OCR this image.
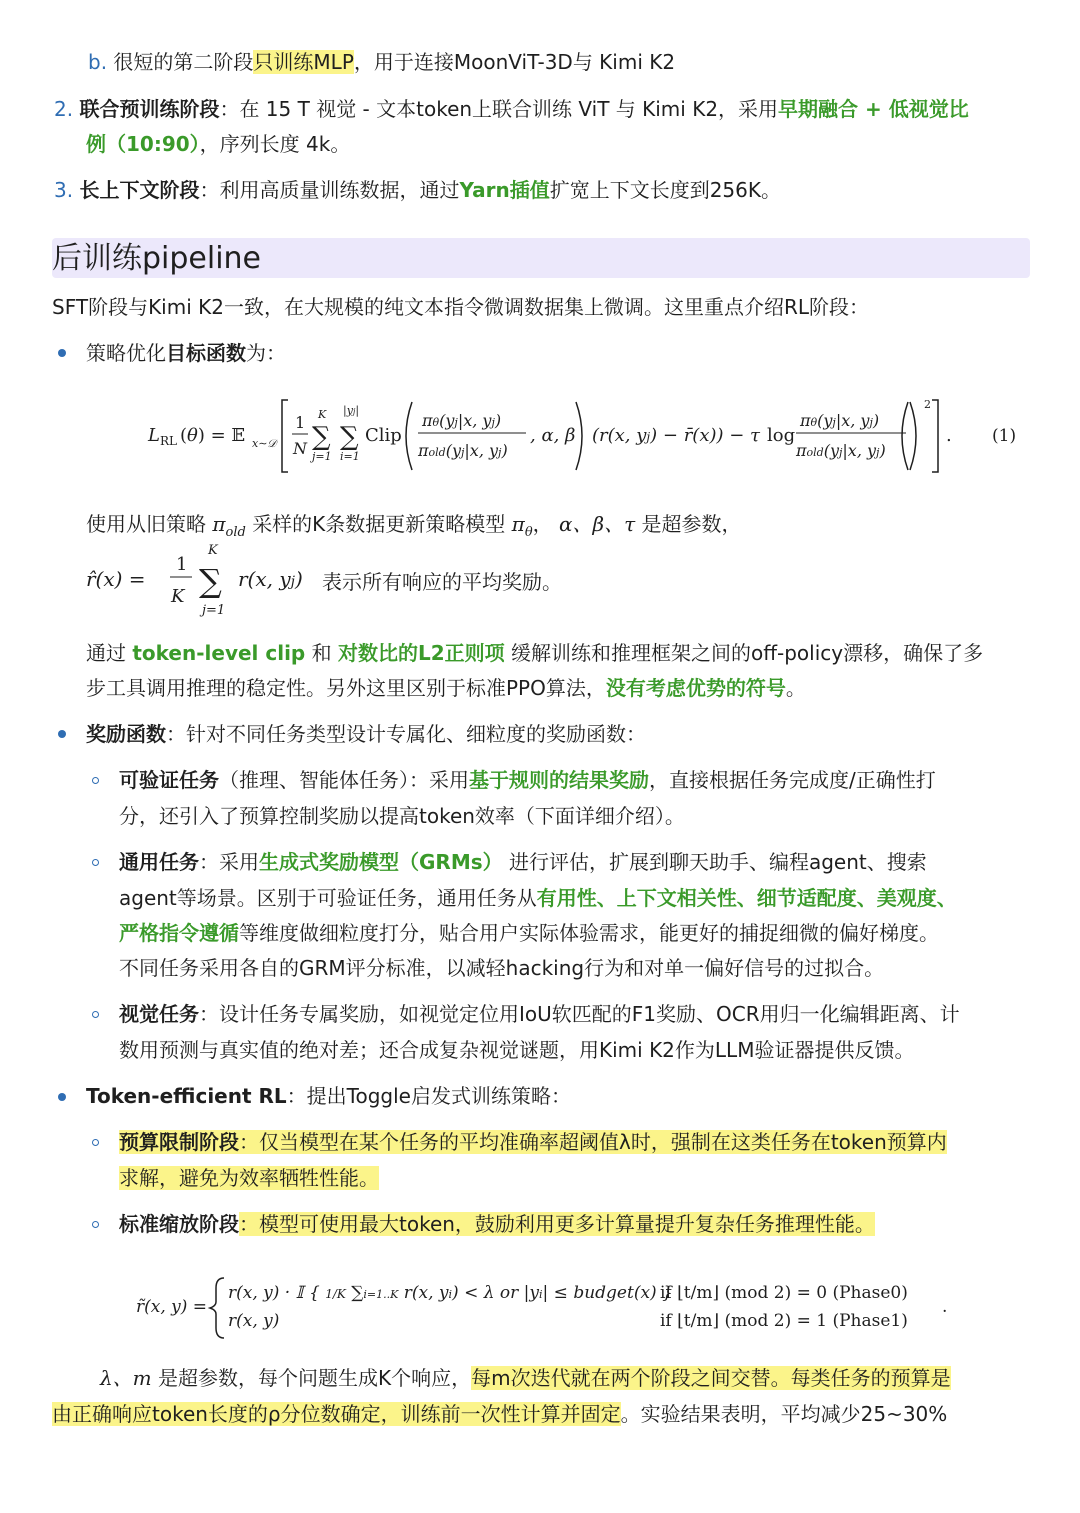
b. 很短的第二阶段只训练MLP，用于连接MoonViT-3D与 Kimi K2
2. 联合预训练阶段：在 15 T 视觉 - 文本token上联合训练 ViT 与 Kimi K2，采用早期融合 + 低视觉比
例（10:90），序列长度 4k。
3. 长上下文阶段：利用高质量训练数据，通过Yarn插值扩宽上下文长度到256K。
后训练pipeline
SFT阶段与Kimi K2一致，在大规模的纯文本指令微调数据集上微调。这里重点介绍RL阶段：
策略优化目标函数为：
L RL (θ) = 𝔼 x∼𝒟
1
N
K
∑
j=1
|yj|
∑
i=1
Clip
πθ(yj|x, yj)
πold(yj|x, yj)
, α, β (r(x, yj) − r̄(x)) − τ log
πθ(yj|x, yj)
πold(yj|x, yj)
2
. (1)
使用从旧策略 $\pi_{old}$ 采样的K条数据更新策略模型 $\pi_\theta$， α、β、τ 是超参数，
r̂(x) =
1
K
K
∑
j=1
r(x, yj) 表示所有响应的平均奖励。
通过 token-level clip 和 对数比的L2正则项 缓解训练和推理框架之间的off-policy漂移，确保了多
步工具调用推理的稳定性。另外这里区别于标准PPO算法，没有考虑优势的符号。
奖励函数：针对不同任务类型设计专属化、细粒度的奖励函数：
可验证任务（推理、智能体任务）：采用基于规则的结果奖励，直接根据任务完成度/正确性打
分，还引入了预算控制奖励以提高token效率（下面详细介绍）。
通用任务：采用生成式奖励模型（GRMs） 进行评估，扩展到聊天助手、编程agent、搜索
agent等场景。区别于可验证任务，通用任务从有用性、上下文相关性、细节适配度、美观度、
严格指令遵循等维度做细粒度打分，贴合用户实际体验需求，能更好的捕捉细微的偏好梯度。
不同任务采用各自的GRM评分标准，以减轻hacking行为和对单一偏好信号的过拟合。
视觉任务：设计任务专属奖励，如视觉定位用IoU软匹配的F1奖励、OCR用归一化编辑距离、计
数用预测与真实值的绝对差；还合成复杂视觉谜题，用Kimi K2作为LLM验证器提供反馈。
Token-efficient RL：提出Toggle启发式训练策略：
预算限制阶段：仅当模型在某个任务的平均准确率超阈值λ时，强制在这类任务在token预算内
求解，避免为效率牺牲性能。
标准缩放阶段：模型可使用最大token，鼓励利用更多计算量提升复杂任务推理性能。
r̃(x, y) =
r(x, y) · 𝕀 { 1/K ∑i=1..K r(x, yi) < λ or |yi| ≤ budget(x) }
r(x, y)
if ⌊t/m⌋ (mod 2) = 0 (Phase0)
if ⌊t/m⌋ (mod 2) = 1 (Phase1)
.
λ、m 是超参数，每个问题生成K个响应，每m次迭代就在两个阶段之间交替。每类任务的预算是
由正确响应token长度的ρ分位数确定，训练前一次性计算并固定。实验结果表明，平均减少25~30%
